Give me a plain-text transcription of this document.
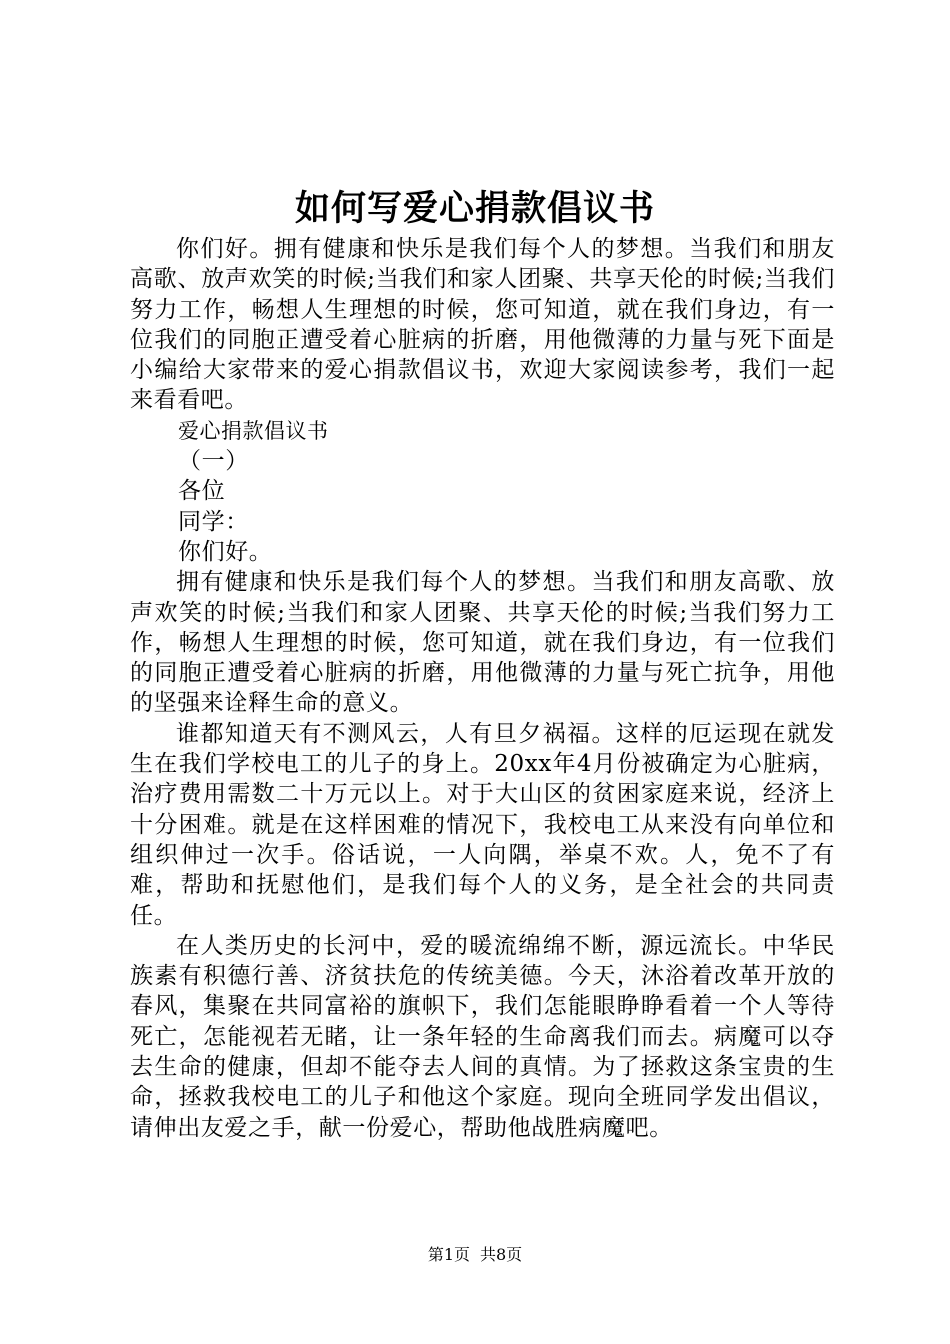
如何写爱心捐款倡议书

你们好。拥有健康和快乐是我们每个人的梦想。当我们和朋友高歌、放声欢笑的时候;当我们和家人团聚、共享天伦的时候;当我们努力工作，畅想人生理想的时候，您可知道，就在我们身边，有一位我们的同胞正遭受着心脏病的折磨，用他微薄的力量与死下面是小编给大家带来的爱心捐款倡议书，欢迎大家阅读参考，我们一起来看看吧。

爱心捐款倡议书

（一）

各位

同学：

你们好。

拥有健康和快乐是我们每个人的梦想。当我们和朋友高歌、放声欢笑的时候;当我们和家人团聚、共享天伦的时候;当我们努力工作，畅想人生理想的时候，您可知道，就在我们身边，有一位我们的同胞正遭受着心脏病的折磨，用他微薄的力量与死亡抗争，用他的坚强来诠释生命的意义。

谁都知道天有不测风云，人有旦夕祸福。这样的厄运现在就发生在我们学校电工的儿子的身上。20xx年4月份被确定为心脏病，治疗费用需数二十万元以上。对于大山区的贫困家庭来说，经济上十分困难。就是在这样困难的情况下，我校电工从来没有向单位和组织伸过一次手。俗话说，一人向隅，举桌不欢。人，免不了有难，帮助和抚慰他们，是我们每个人的义务，是全社会的共同责任。

在人类历史的长河中，爱的暖流绵绵不断，源远流长。中华民族素有积德行善、济贫扶危的传统美德。今天，沐浴着改革开放的春风，集聚在共同富裕的旗帜下，我们怎能眼睁睁看着一个人等待死亡，怎能视若无睹，让一条年轻的生命离我们而去。病魔可以夺去生命的健康，但却不能夺去人间的真情。为了拯救这条宝贵的生命，拯救我校电工的儿子和他这个家庭。现向全班同学发出倡议，请伸出友爱之手，献一份爱心，帮助他战胜病魔吧。

第1页 共8页
